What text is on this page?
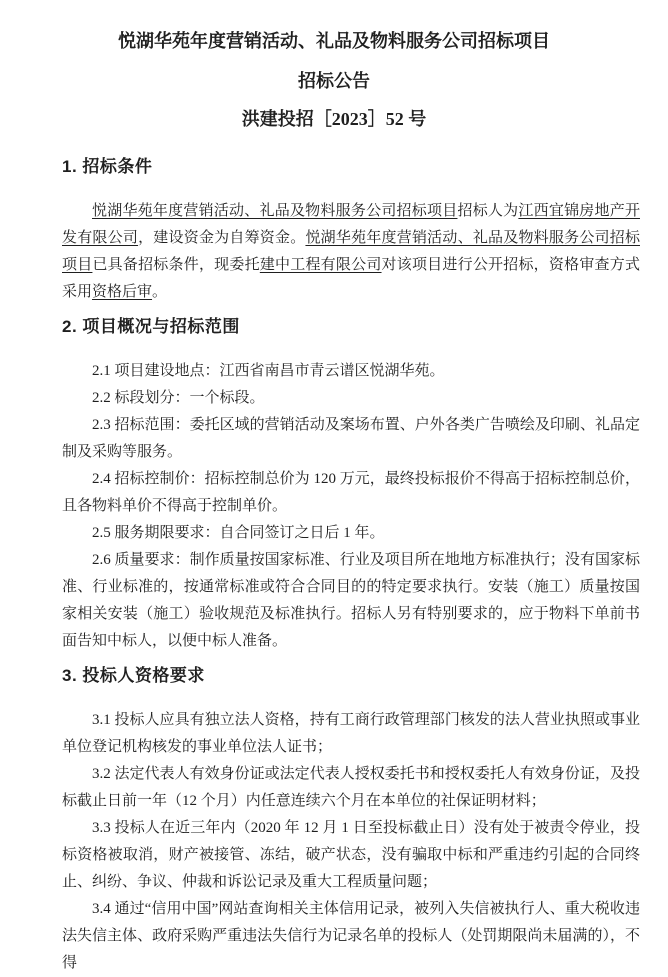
悦湖华苑年度营销活动、礼品及物料服务公司招标项目
招标公告
洪建投招［2023］52 号
1. 招标条件

悦湖华苑年度营销活动、礼品及物料服务公司招标项目招标人为江西宜锦房地产开发有限公司，建设资金为自筹资金。悦湖华苑年度营销活动、礼品及物料服务公司招标项目已具备招标条件，现委托建中工程有限公司对该项目进行公开招标，资格审查方式采用资格后审。

2. 项目概况与招标范围

2.1 项目建设地点：江西省南昌市青云谱区悦湖华苑。

2.2 标段划分：一个标段。

2.3 招标范围：委托区域的营销活动及案场布置、户外各类广告喷绘及印刷、礼品定制及采购等服务。

2.4 招标控制价：招标控制总价为 120 万元，最终投标报价不得高于招标控制总价，且各物料单价不得高于控制单价。

2.5 服务期限要求：自合同签订之日后 1 年。

2.6 质量要求：制作质量按国家标准、行业及项目所在地地方标准执行；没有国家标准、行业标准的，按通常标准或符合合同目的的特定要求执行。安装（施工）质量按国家相关安装（施工）验收规范及标准执行。招标人另有特别要求的，应于物料下单前书面告知中标人，以便中标人准备。

3. 投标人资格要求

3.1 投标人应具有独立法人资格，持有工商行政管理部门核发的法人营业执照或事业单位登记机构核发的事业单位法人证书；

3.2 法定代表人有效身份证或法定代表人授权委托书和授权委托人有效身份证，及投标截止日前一年（12 个月）内任意连续六个月在本单位的社保证明材料；

3.3 投标人在近三年内（2020 年 12 月 1 日至投标截止日）没有处于被责令停业，投标资格被取消，财产被接管、冻结，破产状态，没有骗取中标和严重违约引起的合同终止、纠纷、争议、仲裁和诉讼记录及重大工程质量问题；

3.4 通过“信用中国”网站查询相关主体信用记录，被列入失信被执行人、重大税收违法失信主体、政府采购严重违法失信行为记录名单的投标人（处罚期限尚未届满的），不得
